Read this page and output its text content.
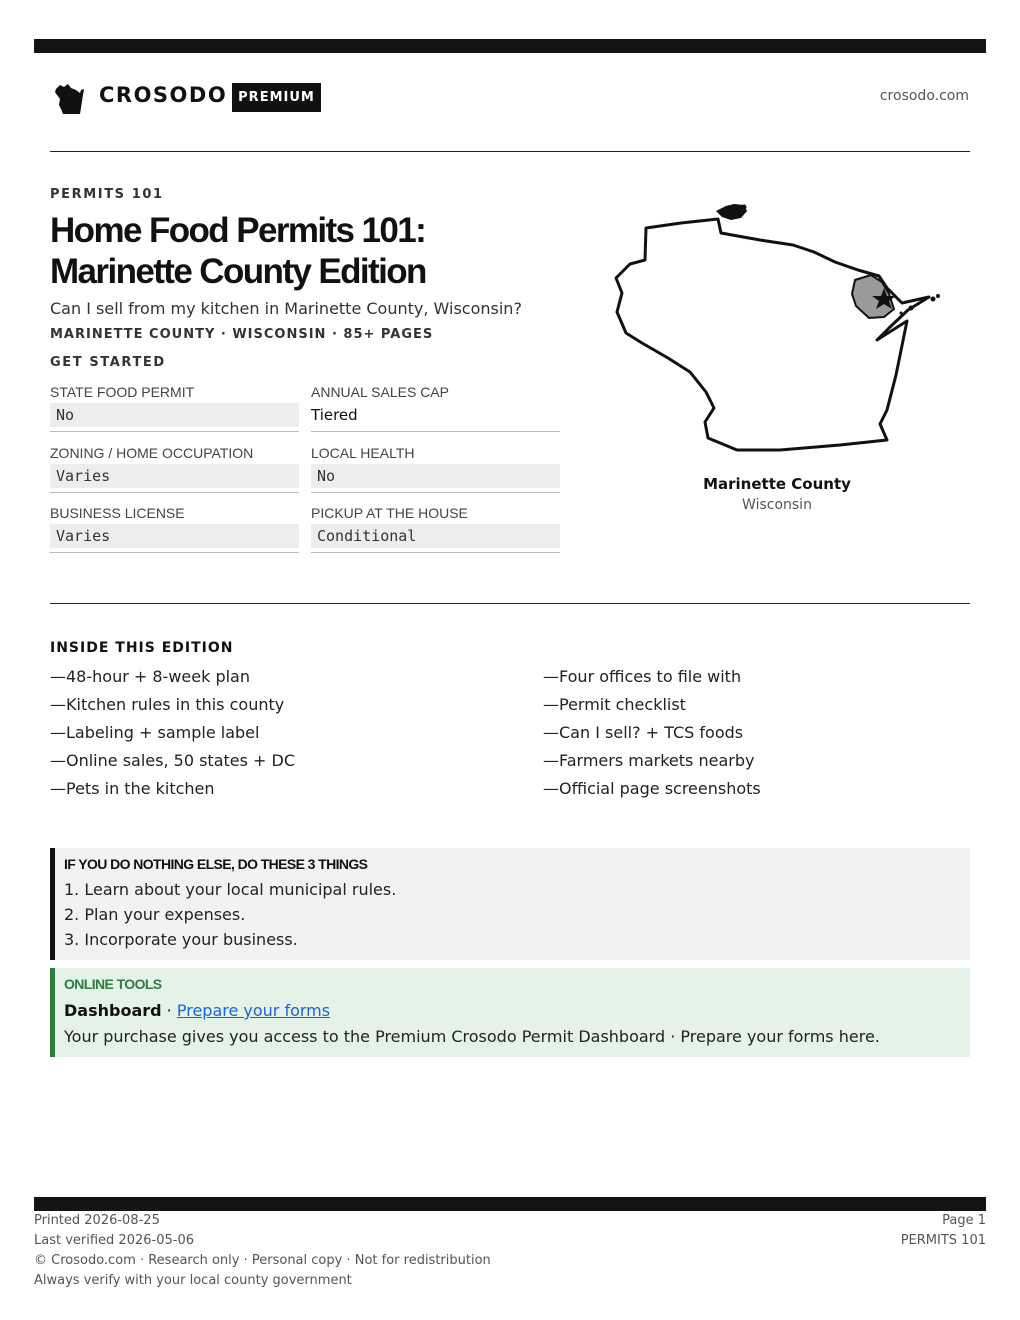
CROSODO PREMIUM	crosodo.com
PERMITS 101
Home Food Permits 101:
Marinette County Edition
Can I sell from my kitchen in Marinette County, Wisconsin?
MARINETTE COUNTY · WISCONSIN · 85+ PAGES
GET STARTED
STATE FOOD PERMIT
No
ANNUAL SALES CAP
Tiered
ZONING / HOME OCCUPATION
Varies
LOCAL HEALTH
No
BUSINESS LICENSE
Varies
PICKUP AT THE HOUSE
Conditional
Marinette County
Wisconsin
INSIDE THIS EDITION
—48-hour + 8-week plan
—Kitchen rules in this county
—Labeling + sample label
—Online sales, 50 states + DC
—Pets in the kitchen
—Four offices to file with
—Permit checklist
—Can I sell? + TCS foods
—Farmers markets nearby
—Official page screenshots
IF YOU DO NOTHING ELSE, DO THESE 3 THINGS
1. Learn about your local municipal rules.
2. Plan your expenses.
3. Incorporate your business.
ONLINE TOOLS
Dashboard · Prepare your forms
Your purchase gives you access to the Premium Crosodo Permit Dashboard · Prepare your forms here.
Printed 2026-08-25
Last verified 2026-05-06
© Crosodo.com · Research only · Personal copy · Not for redistribution
Always verify with your local county government
Page 1
PERMITS 101
